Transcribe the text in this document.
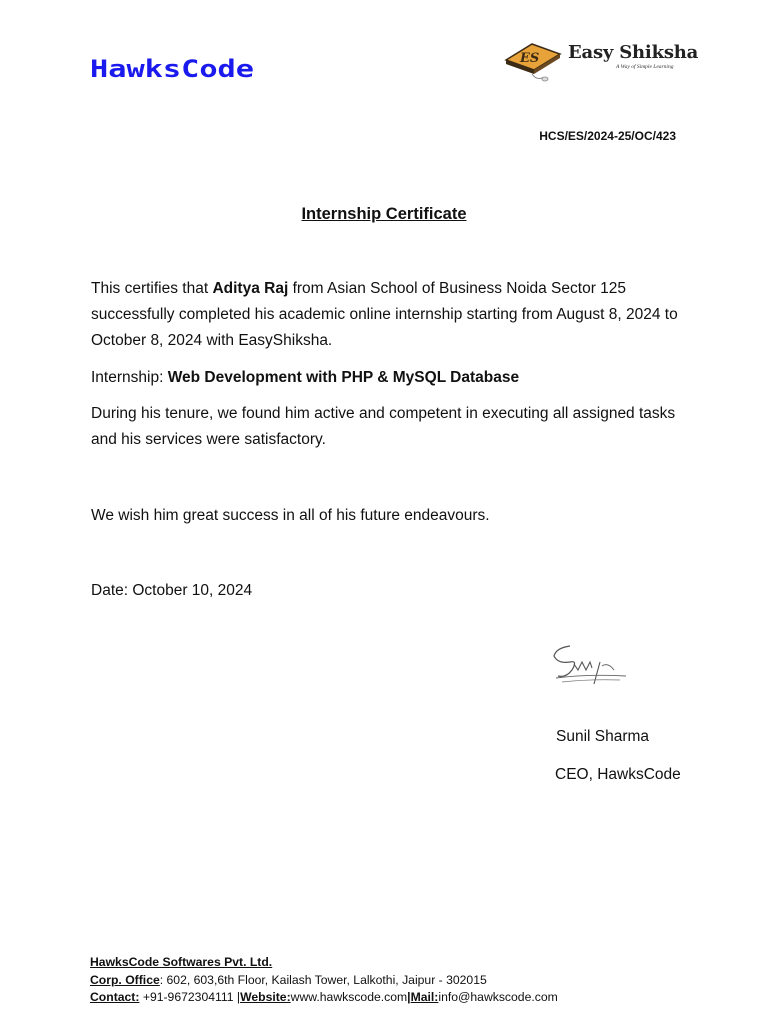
HawksCode	ES Easy Shiksha
A Way of Simple Learning
HCS/ES/2024-25/OC/423
Internship Certificate

This certifies that Aditya Raj from Asian School of Business Noida Sector 125 successfully completed his academic online internship starting from August 8, 2024 to October 8, 2024 with EasyShiksha.

Internship: Web Development with PHP & MySQL Database

During his tenure, we found him active and competent in executing all assigned tasks and his services were satisfactory.

We wish him great success in all of his future endeavours.

Date: October 10, 2024

Sunil Sharma
CEO, HawksCode
HawksCode Softwares Pvt. Ltd.
Corp. Office: 602, 603,6th Floor, Kailash Tower, Lalkothi, Jaipur - 302015
Contact: +91-9672304111 |Website:www.hawkscode.com|Mail:info@hawkscode.com
